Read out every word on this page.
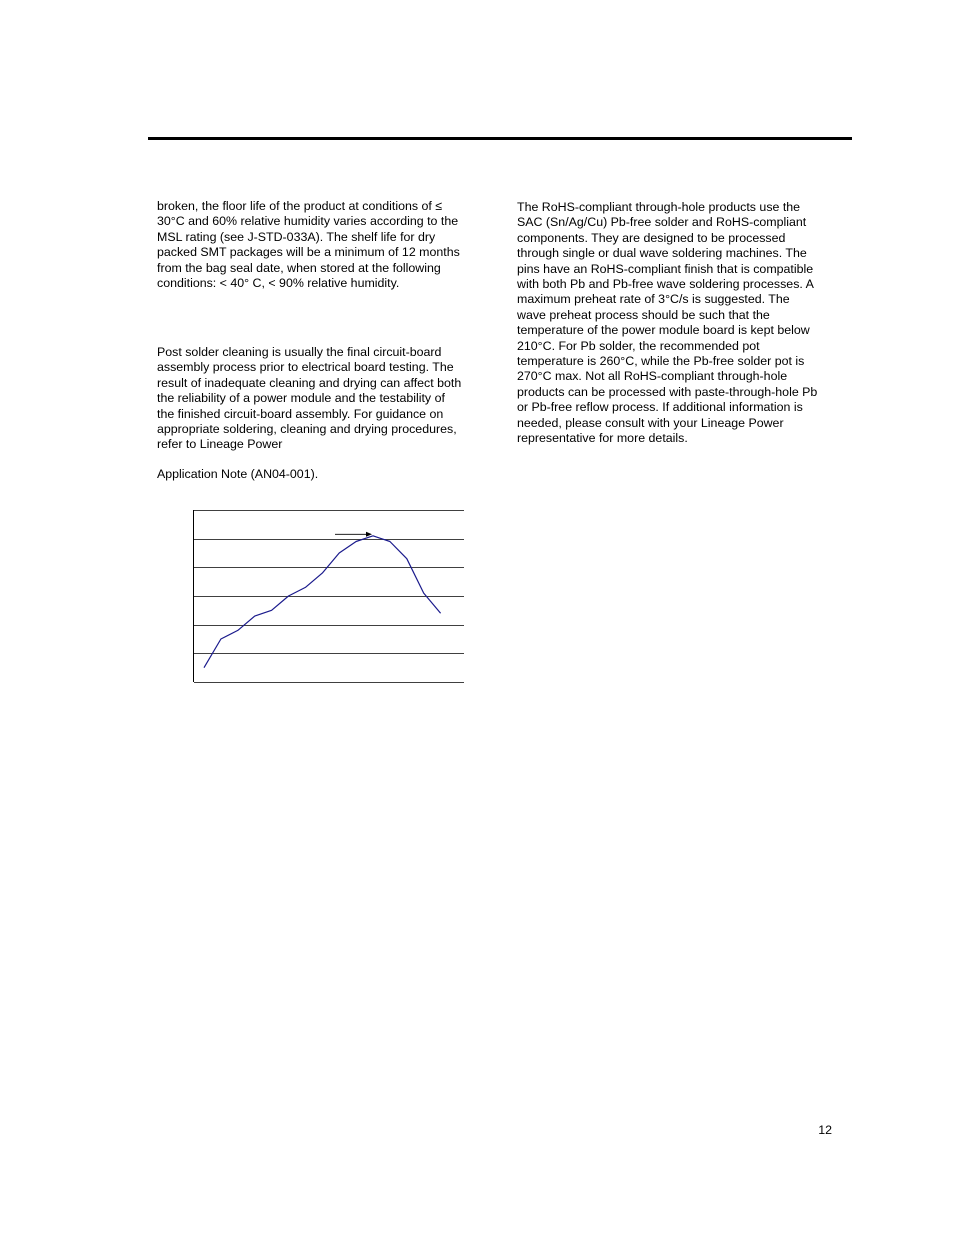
broken, the floor life of the product at conditions of ≤
30°C and 60% relative humidity varies according to the
MSL rating (see J-STD-033A). The shelf life for dry
packed SMT packages will be a minimum of 12 months
from the bag seal date, when stored at the following
conditions: < 40° C, < 90% relative humidity.

Post solder cleaning is usually the final circuit-board
assembly process prior to electrical board testing. The
result of inadequate cleaning and drying can affect both
the reliability of a power module and the testability of
the finished circuit-board assembly. For guidance on
appropriate soldering, cleaning and drying procedures,
refer to Lineage Power

Application Note (AN04-001).

The RoHS-compliant through-hole products use the
SAC (Sn/Ag/Cu) Pb-free solder and RoHS-compliant
components. They are designed to be processed
through single or dual wave soldering machines. The
pins have an RoHS-compliant finish that is compatible
with both Pb and Pb-free wave soldering processes. A
maximum preheat rate of 3°C/s is suggested. The
wave preheat process should be such that the
temperature of the power module board is kept below
210°C. For Pb solder, the recommended pot
temperature is 260°C, while the Pb-free solder pot is
270°C max. Not all RoHS-compliant through-hole
products can be processed with paste-through-hole Pb
or Pb-free reflow process. If additional information is
needed, please consult with your Lineage Power
representative for more details.

12
